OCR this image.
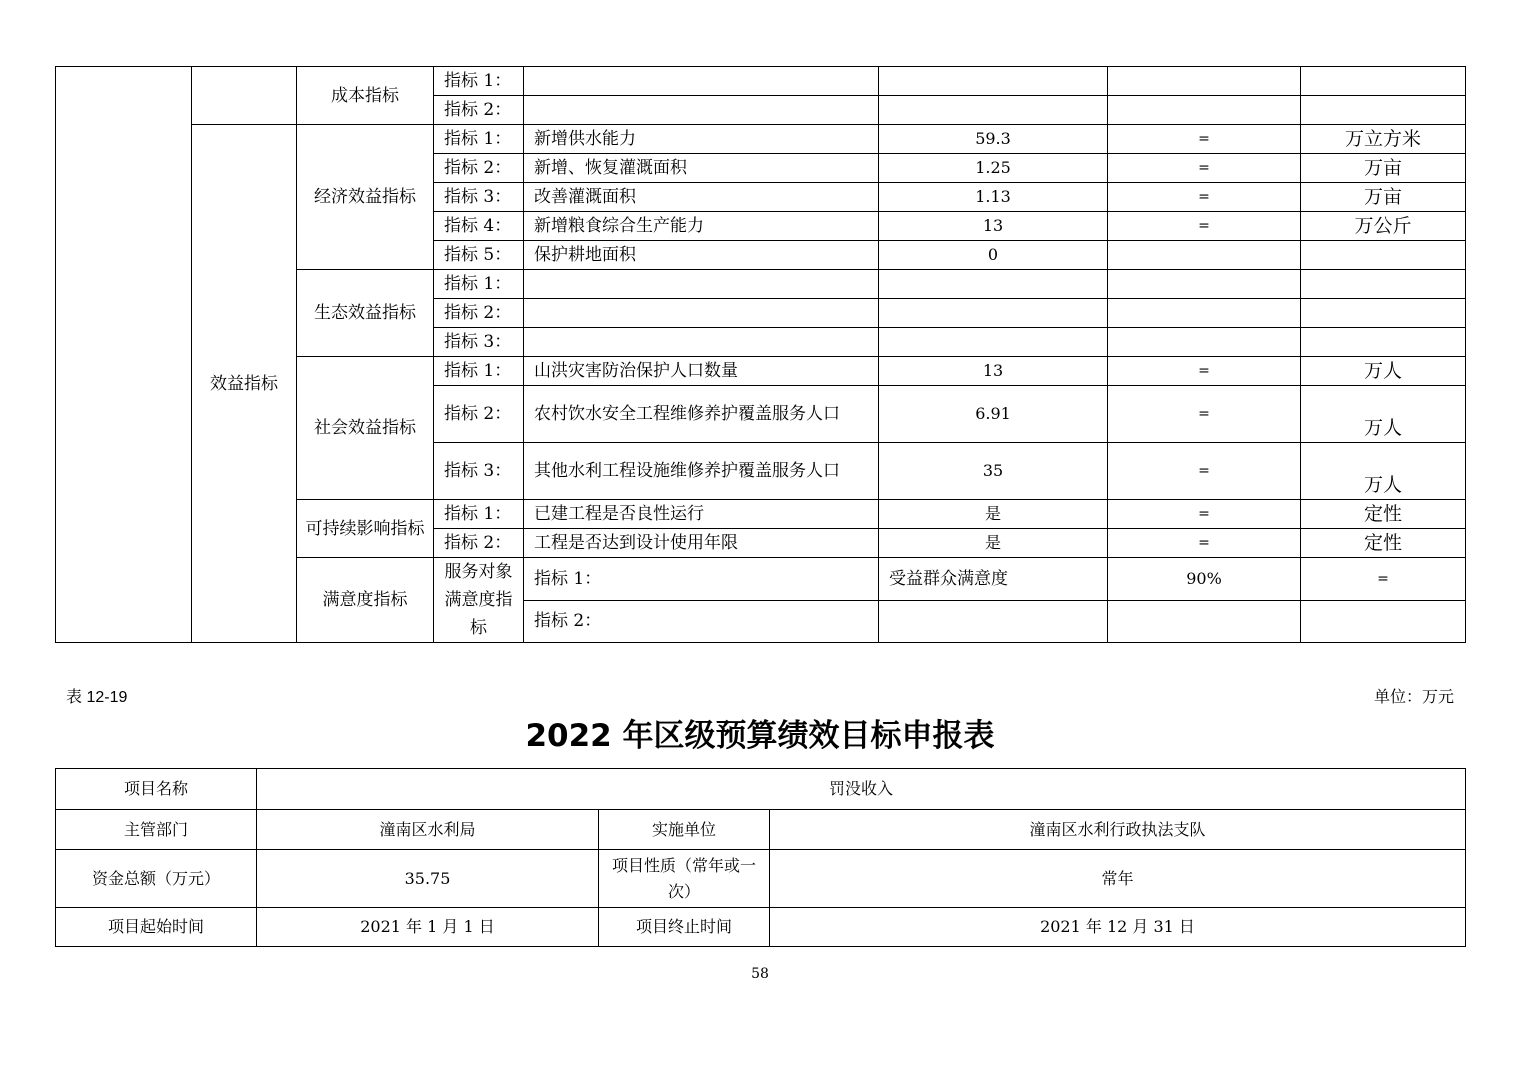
		成本指标	指标 1：					
			指标 2：					
	效益指标	经济效益指标	指标 1：	新增供水能力	59.3	=	万立方米	
			指标 2：	新增、恢复灌溉面积	1.25	=	万亩	
			指标 3：	改善灌溉面积	1.13	=	万亩	
			指标 4：	新增粮食综合生产能力	13	=	万公斤	
			指标 5：	保护耕地面积	0			
		生态效益指标	指标 1：					
			指标 2：					
			指标 3：					
		社会效益指标	指标 1：	山洪灾害防治保护人口数量	13	=	万人	
			指标 2：	农村饮水安全工程维修养护覆盖服务人口	6.91	=	万人	
			指标 3：	其他水利工程设施维修养护覆盖服务人口	35	=	万人	
		可持续影响指标	指标 1：	已建工程是否良性运行	是	=	定性	
			指标 2：	工程是否达到设计使用年限	是	=	定性	
		满意度指标	服务对象满意度指标	指标 1：	受益群众满意度	90%	=	
				指标 2：				
表 12-19	单位：万元
2022 年区级预算绩效目标申报表
项目名称	罚没收入		
主管部门	潼南区水利局	实施单位	潼南区水利行政执法支队
资金总额（万元）	35.75	项目性质（常年或一次）	常年
项目起始时间	2021 年 1 月 1 日	项目终止时间	2021 年 12 月 31 日
58
